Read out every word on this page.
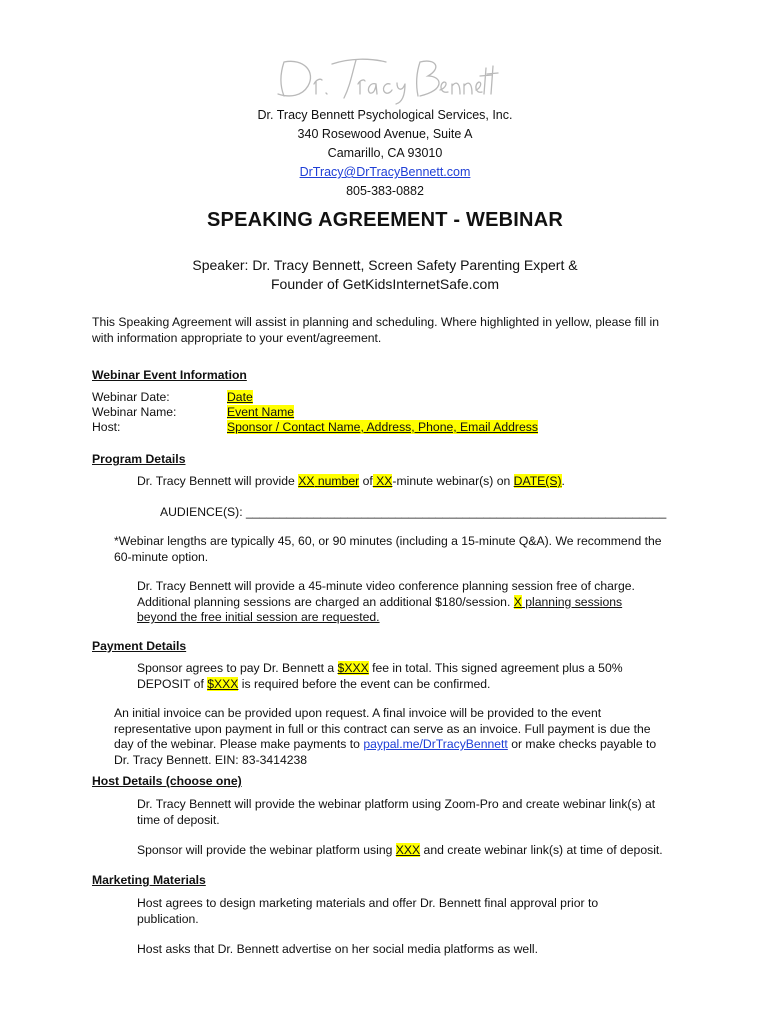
Dr. Tracy Bennett Psychological Services, Inc.
340 Rosewood Avenue, Suite A
Camarillo, CA 93010
DrTracy@DrTracyBennett.com
805-383-0882
SPEAKING AGREEMENT - WEBINAR
Speaker: Dr. Tracy Bennett, Screen Safety Parenting Expert &
Founder of GetKidsInternetSafe.com
This Speaking Agreement will assist in planning and scheduling. Where highlighted in yellow, please fill in
with information appropriate to your event/agreement.
Webinar Event Information
Webinar Date:	Date
Webinar Name:	Event Name
Host:	Sponsor / Contact Name, Address, Phone, Email Address
Program Details
Dr. Tracy Bennett will provide XX number of XX-minute webinar(s) on DATE(S).
AUDIENCE(S): ______________________________________________________________
*Webinar lengths are typically 45, 60, or 90 minutes (including a 15-minute Q&A). We recommend the
60-minute option.
Dr. Tracy Bennett will provide a 45-minute video conference planning session free of charge.
Additional planning sessions are charged an additional $180/session. X planning sessions
beyond the free initial session are requested.
Payment Details
Sponsor agrees to pay Dr. Bennett a $XXX fee in total. This signed agreement plus a 50%
DEPOSIT of $XXX is required before the event can be confirmed.
An initial invoice can be provided upon request. A final invoice will be provided to the event
representative upon payment in full or this contract can serve as an invoice. Full payment is due the
day of the webinar. Please make payments to paypal.me/DrTracyBennett or make checks payable to
Dr. Tracy Bennett. EIN: 83-3414238
Host Details (choose one)
Dr. Tracy Bennett will provide the webinar platform using Zoom-Pro and create webinar link(s) at
time of deposit.
Sponsor will provide the webinar platform using XXX and create webinar link(s) at time of deposit.
Marketing Materials
Host agrees to design marketing materials and offer Dr. Bennett final approval prior to
publication.
Host asks that Dr. Bennett advertise on her social media platforms as well.
